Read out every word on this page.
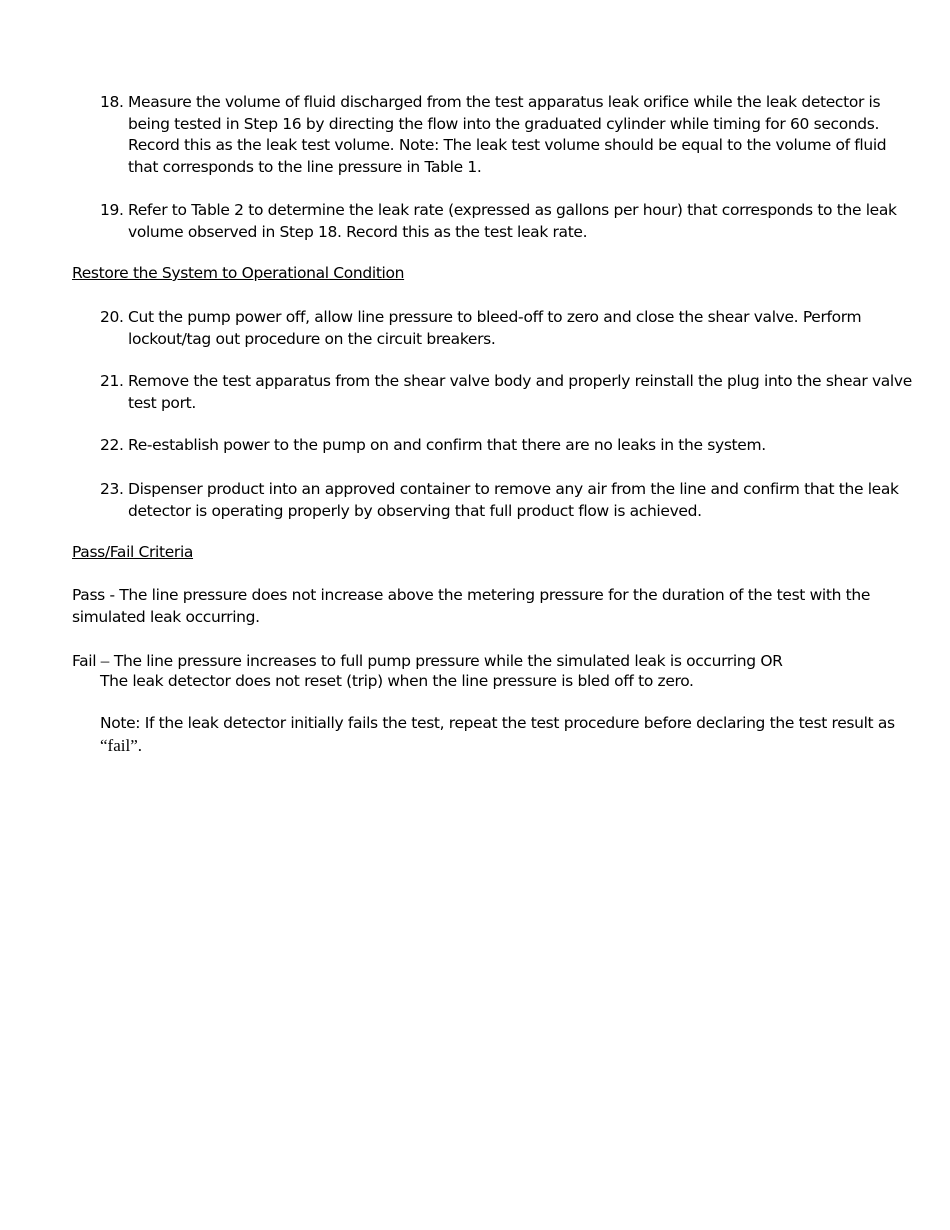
18. Measure the volume of fluid discharged from the test apparatus leak orifice while the leak detector is being tested in Step 16 by directing the flow into the graduated cylinder while timing for 60 seconds. Record this as the leak test volume. Note: The leak test volume should be equal to the volume of fluid that corresponds to the line pressure in Table 1.
19. Refer to Table 2 to determine the leak rate (expressed as gallons per hour) that corresponds to the leak volume observed in Step 18. Record this as the test leak rate.
Restore the System to Operational Condition
20. Cut the pump power off, allow line pressure to bleed-off to zero and close the shear valve. Perform lockout/tag out procedure on the circuit breakers.
21. Remove the test apparatus from the shear valve body and properly reinstall the plug into the shear valve test port.
22. Re-establish power to the pump on and confirm that there are no leaks in the system.
23. Dispenser product into an approved container to remove any air from the line and confirm that the leak detector is operating properly by observing that full product flow is achieved.
Pass/Fail Criteria
Pass - The line pressure does not increase above the metering pressure for the duration of the test with the simulated leak occurring.
Fail – The line pressure increases to full pump pressure while the simulated leak is occurring OR
The leak detector does not reset (trip) when the line pressure is bled off to zero.
Note: If the leak detector initially fails the test, repeat the test procedure before declaring the test result as “fail”.
